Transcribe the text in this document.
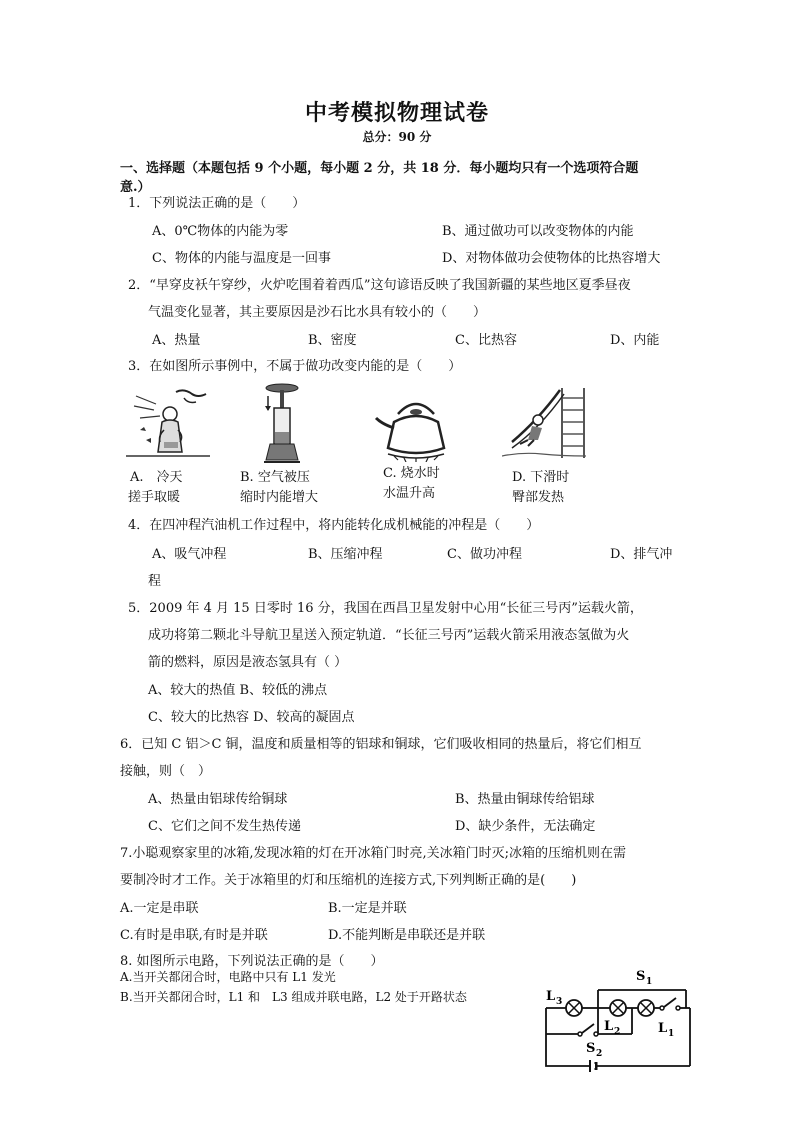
中考模拟物理试卷
总分：90 分
一、选择题（本题包括 9 个小题，每小题 2 分，共 18 分．每小题均只有一个选项符合题
意.）
1．下列说法正确的是（　　）
A、0℃物体的内能为零	B、通过做功可以改变物体的内能
C、物体的内能与温度是一回事	D、对物体做功会使物体的比热容增大
2．“早穿皮袄午穿纱，火炉吃围着着西瓜”这句谚语反映了我国新疆的某些地区夏季昼夜
气温变化显著，其主要原因是沙石比水具有较小的（　　）
A、热量	B、密度	C、比热容	D、内能
3．在如图所示事例中，不属于做功改变内能的是（　　）
A.　冷天
搓手取暖
B. 空气被压
缩时内能增大
C. 烧水时
水温升高
D. 下滑时
臀部发热
4．在四冲程汽油机工作过程中，将内能转化成机械能的冲程是（　　）
A、吸气冲程	B、压缩冲程	C、做功冲程	D、排气冲
程
5．2009 年 4 月 15 日零时 16 分，我国在西昌卫星发射中心用“长征三号丙”运载火箭，
成功将第二颗北斗导航卫星送入预定轨道．“长征三号丙”运载火箭采用液态氢做为火
箭的燃料，原因是液态氢具有（ ）
A、较大的热值 B、较低的沸点
C、较大的比热容 D、较高的凝固点
6．已知 C 铝＞C 铜，温度和质量相等的铝球和铜球，它们吸收相同的热量后，将它们相互
接触，则（　）
A、热量由铝球传给铜球	B、热量由铜球传给铝球
C、它们之间不发生热传递	D、缺少条件，无法确定
7.小聪观察家里的冰箱,发现冰箱的灯在开冰箱门时亮,关冰箱门时灭;冰箱的压缩机则在需
要制冷时才工作。关于冰箱里的灯和压缩机的连接方式,下列判断正确的是(　　)
A.一定是串联	B.一定是并联
C.有时是串联,有时是并联	D.不能判断是串联还是并联
8. 如图所示电路，下列说法正确的是（　　）
A.当开关都闭合时，电路中只有 L1 发光
B.当开关都闭合时，L1 和　L3 组成并联电路，L2 处于开路状态
S 1
L 3
L 2	L 1
S 2
